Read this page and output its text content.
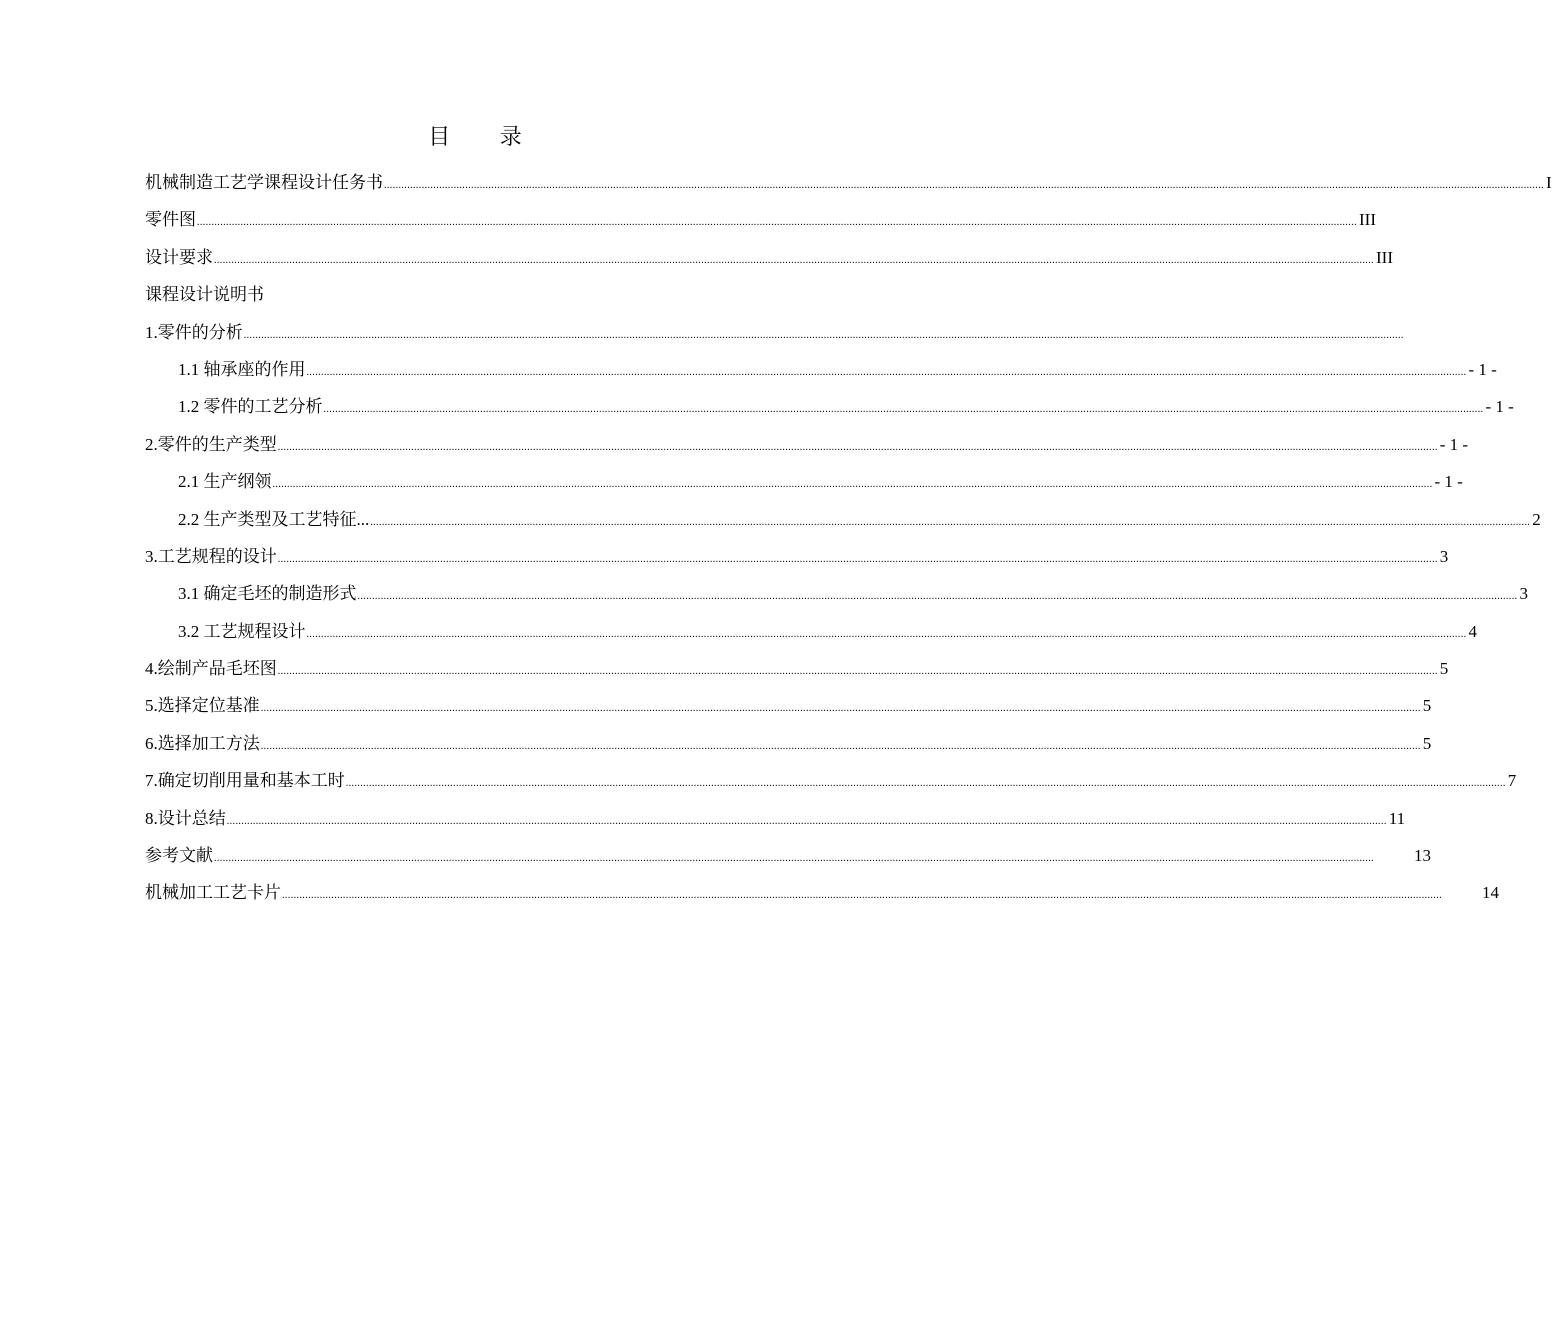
目 录
机械制造工艺学课程设计任务书 ................................................................................................................................................................................................................................................................................................................................................................................................................ I
零件图 ................................................................................................................................................................................................................................................................................................................................................................................................................ III
设计要求 ................................................................................................................................................................................................................................................................................................................................................................................................................ III
课程设计说明书
1.零件的分析 ................................................................................................................................................................................................................................................................................................................................................................................................................
1.1 轴承座的作用 ................................................................................................................................................................................................................................................................................................................................................................................................................ - 1 -
1.2 零件的工艺分析 ................................................................................................................................................................................................................................................................................................................................................................................................................ - 1 -
2.零件的生产类型 ................................................................................................................................................................................................................................................................................................................................................................................................................ - 1 -
2.1 生产纲领 ................................................................................................................................................................................................................................................................................................................................................................................................................ - 1 -
2.2 生产类型及工艺特征... ................................................................................................................................................................................................................................................................................................................................................................................................................ 2
3.工艺规程的设计 ................................................................................................................................................................................................................................................................................................................................................................................................................ 3
3.1 确定毛坯的制造形式 ................................................................................................................................................................................................................................................................................................................................................................................................................ 3
3.2 工艺规程设计 ................................................................................................................................................................................................................................................................................................................................................................................................................ 4
4.绘制产品毛坯图 ................................................................................................................................................................................................................................................................................................................................................................................................................ 5
5.选择定位基准 ................................................................................................................................................................................................................................................................................................................................................................................................................ 5
6.选择加工方法 ................................................................................................................................................................................................................................................................................................................................................................................................................ 5
7.确定切削用量和基本工时 ................................................................................................................................................................................................................................................................................................................................................................................................................ 7
8.设计总结 ................................................................................................................................................................................................................................................................................................................................................................................................................ 11
参考文献 ................................................................................................................................................................................................................................................................................................................................................................................................................ 13
机械加工工艺卡片 ................................................................................................................................................................................................................................................................................................................................................................................................................ 14
